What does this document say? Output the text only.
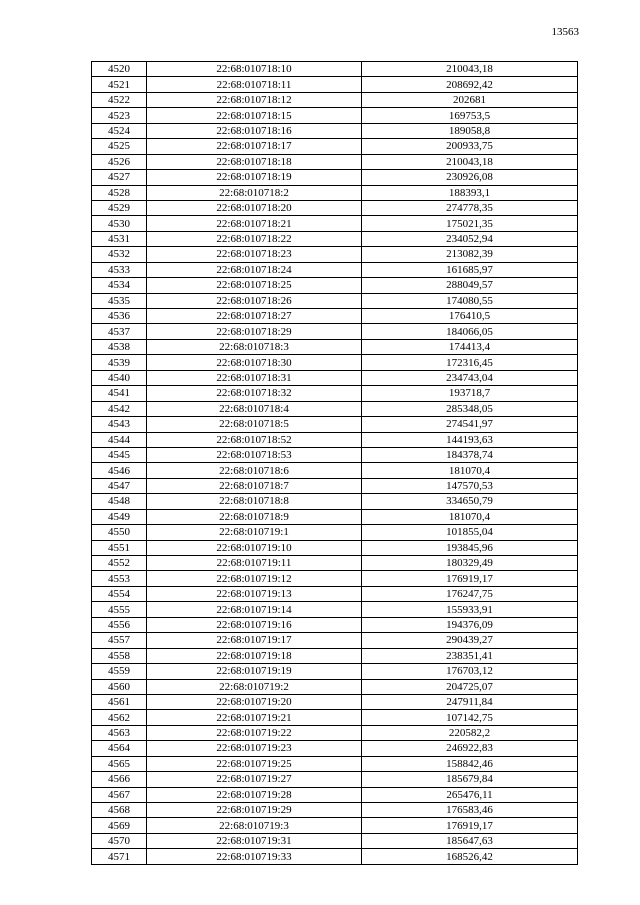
13563
4520	22:68:010718:10	210043,18
4521	22:68:010718:11	208692,42
4522	22:68:010718:12	202681
4523	22:68:010718:15	169753,5
4524	22:68:010718:16	189058,8
4525	22:68:010718:17	200933,75
4526	22:68:010718:18	210043,18
4527	22:68:010718:19	230926,08
4528	22:68:010718:2	188393,1
4529	22:68:010718:20	274778,35
4530	22:68:010718:21	175021,35
4531	22:68:010718:22	234052,94
4532	22:68:010718:23	213082,39
4533	22:68:010718:24	161685,97
4534	22:68:010718:25	288049,57
4535	22:68:010718:26	174080,55
4536	22:68:010718:27	176410,5
4537	22:68:010718:29	184066,05
4538	22:68:010718:3	174413,4
4539	22:68:010718:30	172316,45
4540	22:68:010718:31	234743,04
4541	22:68:010718:32	193718,7
4542	22:68:010718:4	285348,05
4543	22:68:010718:5	274541,97
4544	22:68:010718:52	144193,63
4545	22:68:010718:53	184378,74
4546	22:68:010718:6	181070,4
4547	22:68:010718:7	147570,53
4548	22:68:010718:8	334650,79
4549	22:68:010718:9	181070,4
4550	22:68:010719:1	101855,04
4551	22:68:010719:10	193845,96
4552	22:68:010719:11	180329,49
4553	22:68:010719:12	176919,17
4554	22:68:010719:13	176247,75
4555	22:68:010719:14	155933,91
4556	22:68:010719:16	194376,09
4557	22:68:010719:17	290439,27
4558	22:68:010719:18	238351,41
4559	22:68:010719:19	176703,12
4560	22:68:010719:2	204725,07
4561	22:68:010719:20	247911,84
4562	22:68:010719:21	107142,75
4563	22:68:010719:22	220582,2
4564	22:68:010719:23	246922,83
4565	22:68:010719:25	158842,46
4566	22:68:010719:27	185679,84
4567	22:68:010719:28	265476,11
4568	22:68:010719:29	176583,46
4569	22:68:010719:3	176919,17
4570	22:68:010719:31	185647,63
4571	22:68:010719:33	168526,42
